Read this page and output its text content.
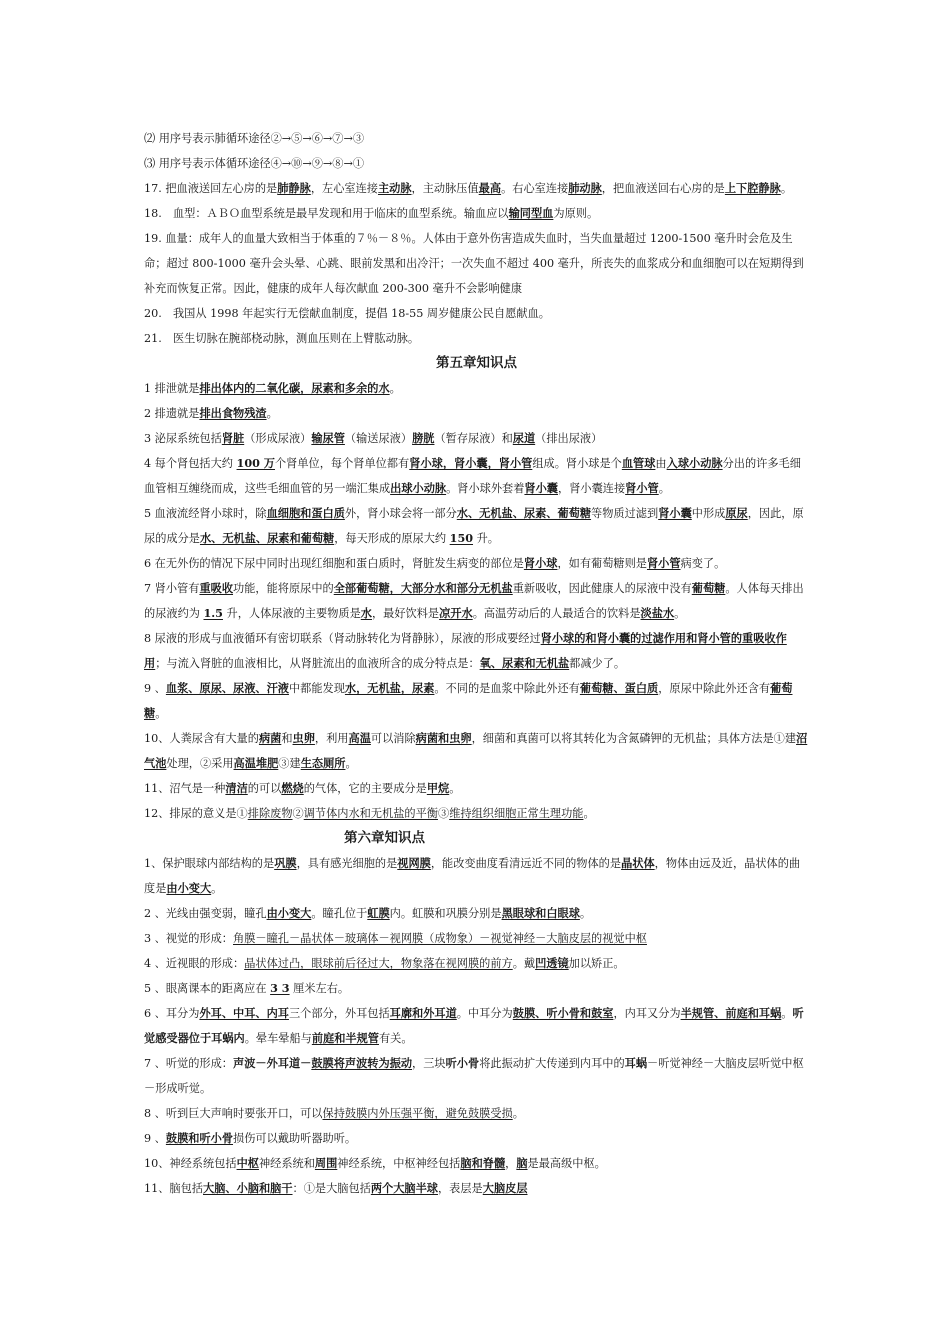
⑵ 用序号表示肺循环途径②→⑤→⑥→⑦→③

⑶ 用序号表示体循环途径④→⑩→⑨→⑧→①

17. 把血液送回左心房的是肺静脉，左心室连接主动脉，主动脉压值最高。右心室连接肺动脉，把血液送回右心房的是上下腔静脉。

18.　血型：ＡＢＯ血型系统是最早发现和用于临床的血型系统。输血应以输同型血为原则。

19. 血量：成年人的血量大致相当于体重的７％－８％。人体由于意外伤害造成失血时，当失血量超过 1200-1500 毫升时会危及生命；超过 800-1000 毫升会头晕、心跳、眼前发黑和出冷汗；一次失血不超过 400 毫升，所丧失的血浆成分和血细胞可以在短期得到补充而恢复正常。因此，健康的成年人每次献血 200-300 毫升不会影响健康

20.　我国从 1998 年起实行无偿献血制度，提倡 18-55 周岁健康公民自愿献血。

21.　医生切脉在腕部桡动脉，测血压则在上臂肱动脉。

第五章知识点

1 排泄就是排出体内的二氧化碳，尿素和多余的水。

2 排遗就是排出食物残渣。

3 泌尿系统包括肾脏（形成尿液）输尿管（输送尿液）膀胱（暂存尿液）和尿道（排出尿液）

4 每个肾包括大约 100 万个肾单位，每个肾单位都有肾小球，肾小囊，肾小管组成。肾小球是个血管球由入球小动脉分出的许多毛细血管相互缠绕而成，这些毛细血管的另一端汇集成出球小动脉。肾小球外套着肾小囊，肾小囊连接肾小管。

5 血液流经肾小球时，除血细胞和蛋白质外，肾小球会将一部分水、无机盐、尿素、葡萄糖等物质过滤到肾小囊中形成原尿，因此，原尿的成分是水、无机盐、尿素和葡萄糖，每天形成的原尿大约 150 升。

6 在无外伤的情况下尿中同时出现红细胞和蛋白质时，肾脏发生病变的部位是肾小球，如有葡萄糖则是肾小管病变了。

7 肾小管有重吸收功能，能将原尿中的全部葡萄糖，大部分水和部分无机盐重新吸收，因此健康人的尿液中没有葡萄糖。人体每天排出的尿液约为 1.5 升，人体尿液的主要物质是水，最好饮料是凉开水。高温劳动后的人最适合的饮料是淡盐水。

8 尿液的形成与血液循环有密切联系（肾动脉转化为肾静脉），尿液的形成要经过肾小球的和肾小囊的过滤作用和肾小管的重吸收作用；与流入肾脏的血液相比，从肾脏流出的血液所含的成分特点是：氧、尿素和无机盐都减少了。

9 、血浆、原尿、尿液、汗液中都能发现水，无机盐，尿素。不同的是血浆中除此外还有葡萄糖、蛋白质，原尿中除此外还含有葡萄糖。

10、人粪尿含有大量的病菌和虫卵，利用高温可以消除病菌和虫卵，细菌和真菌可以将其转化为含氮磷钾的无机盐；具体方法是①建沼气池处理，②采用高温堆肥③建生态厕所。

11、沼气是一种清洁的可以燃烧的气体，它的主要成分是甲烷。

12、排尿的意义是①排除废物②调节体内水和无机盐的平衡③维持组织细胞正常生理功能。

第六章知识点

1、保护眼球内部结构的是巩膜，具有感光细胞的是视网膜，能改变曲度看清远近不同的物体的是晶状体，物体由远及近，晶状体的曲度是由小变大。

2 、光线由强变弱，瞳孔由小变大。瞳孔位于虹膜内。虹膜和巩膜分别是黑眼球和白眼球。

3 、视觉的形成：角膜－瞳孔－晶状体－玻璃体－视网膜（成物象）－视觉神经－大脑皮层的视觉中枢

4 、近视眼的形成：晶状体过凸，眼球前后径过大，物象落在视网膜的前方。戴凹透镜加以矫正。

5 、眼离课本的距离应在 3 3 厘米左右。

6 、耳分为外耳、中耳、内耳三个部分，外耳包括耳廓和外耳道。中耳分为鼓膜、听小骨和鼓室，内耳又分为半规管、前庭和耳蜗。听觉感受器位于耳蜗内。晕车晕船与前庭和半规管有关。

7 、听觉的形成：声波－外耳道－鼓膜将声波转为振动，三块听小骨将此振动扩大传递到内耳中的耳蜗－听觉神经－大脑皮层听觉中枢－形成听觉。

8 、听到巨大声响时要张开口，可以保持鼓膜内外压强平衡，避免鼓膜受损。

9 、鼓膜和听小骨损伤可以戴助听器助听。

10、神经系统包括中枢神经系统和周围神经系统，中枢神经包括脑和脊髓，脑是最高级中枢。

11、脑包括大脑、小脑和脑干：①是大脑包括两个大脑半球，表层是大脑皮层
